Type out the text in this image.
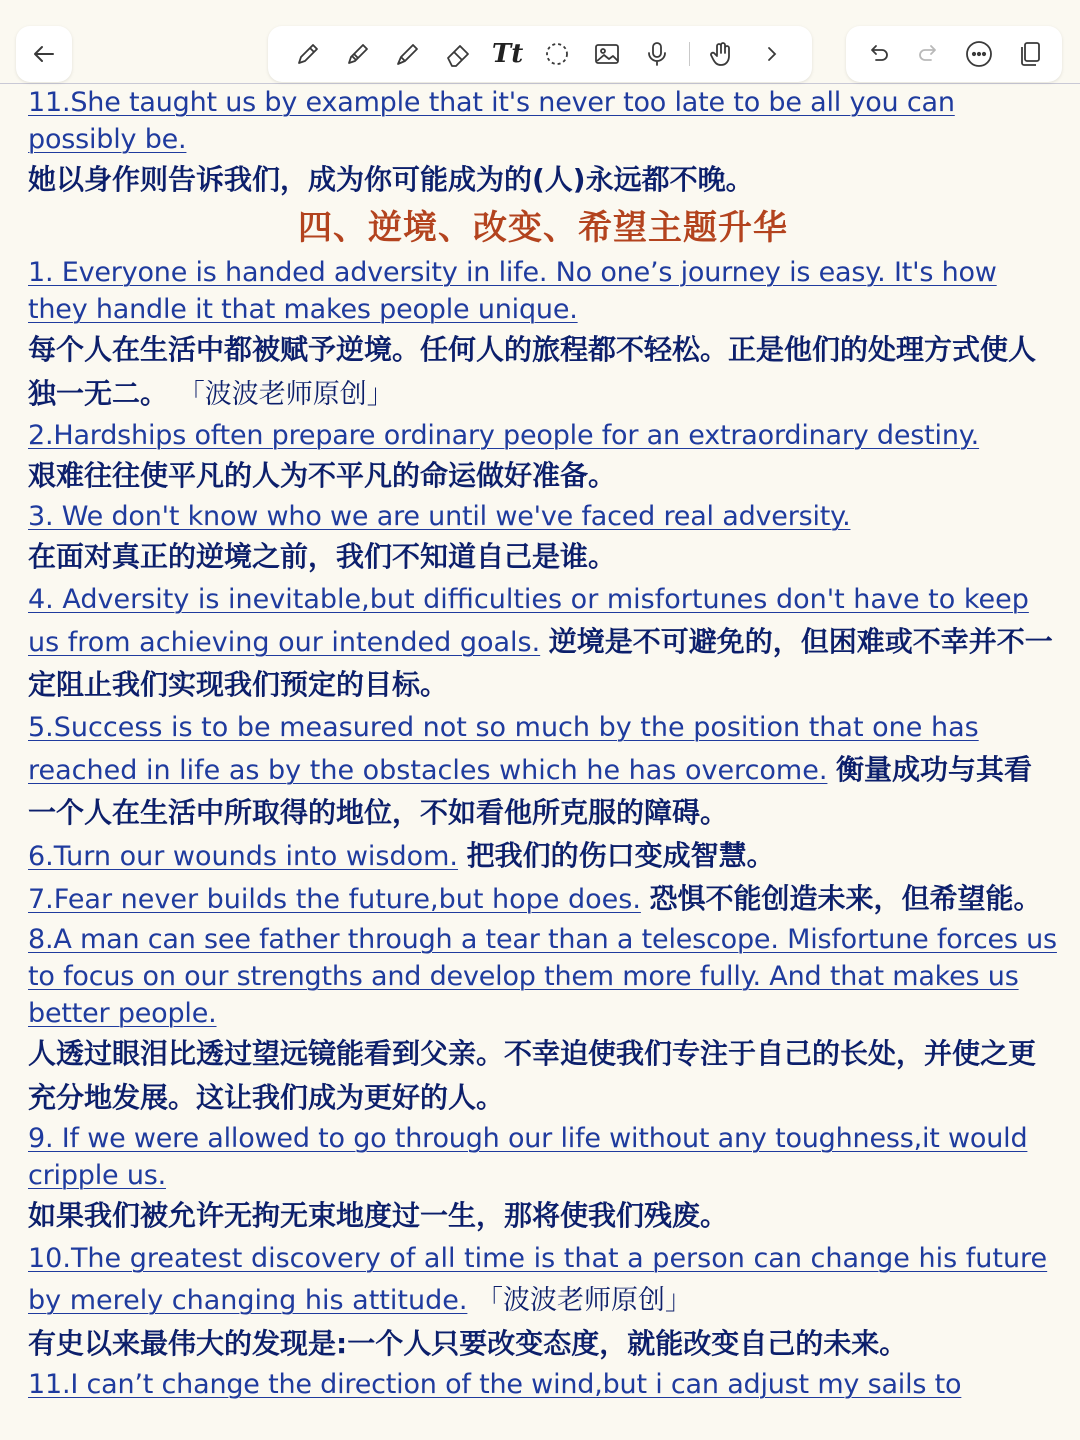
Tt

11.She taught us by example that it's never too late to be all you can possibly be.

她以身作则告诉我们，成为你可能成为的(人)永远都不晚。

四、逆境、改变、希望主题升华

1. Everyone is handed adversity in life. No one’s journey is easy. It's how they handle it that makes people unique.

每个人在生活中都被赋予逆境。任何人的旅程都不轻松。正是他们的处理方式使人独一无二。 「波波老师原创」

2.Hardships often prepare ordinary people for an extraordinary destiny.

艰难往往使平凡的人为不平凡的命运做好准备。

3. We don't know who we are until we've faced real adversity.

在面对真正的逆境之前，我们不知道自己是谁。

4. Adversity is inevitable,but difficulties or misfortunes don't have to keep us from achieving our intended goals. 逆境是不可避免的，但困难或不幸并不一定阻止我们实现我们预定的目标。

5.Success is to be measured not so much by the position that one has reached in life as by the obstacles which he has overcome. 衡量成功与其看一个人在生活中所取得的地位，不如看他所克服的障碍。

6.Turn our wounds into wisdom. 把我们的伤口变成智慧。

7.Fear never builds the future,but hope does. 恐惧不能创造未来，但希望能。

8.A man can see father through a tear than a telescope. Misfortune forces us to focus on our strengths and develop them more fully. And that makes us better people.

人透过眼泪比透过望远镜能看到父亲。不幸迫使我们专注于自己的长处，并使之更充分地发展。这让我们成为更好的人。

9. If we were allowed to go through our life without any toughness,it would cripple us.

如果我们被允许无拘无束地度过一生，那将使我们残废。

10.The greatest discovery of all time is that a person can change his future by merely changing his attitude. 「波波老师原创」

有史以来最伟大的发现是:一个人只要改变态度，就能改变自己的未来。

11.I can’t change the direction of the wind,but i can adjust my sails to
